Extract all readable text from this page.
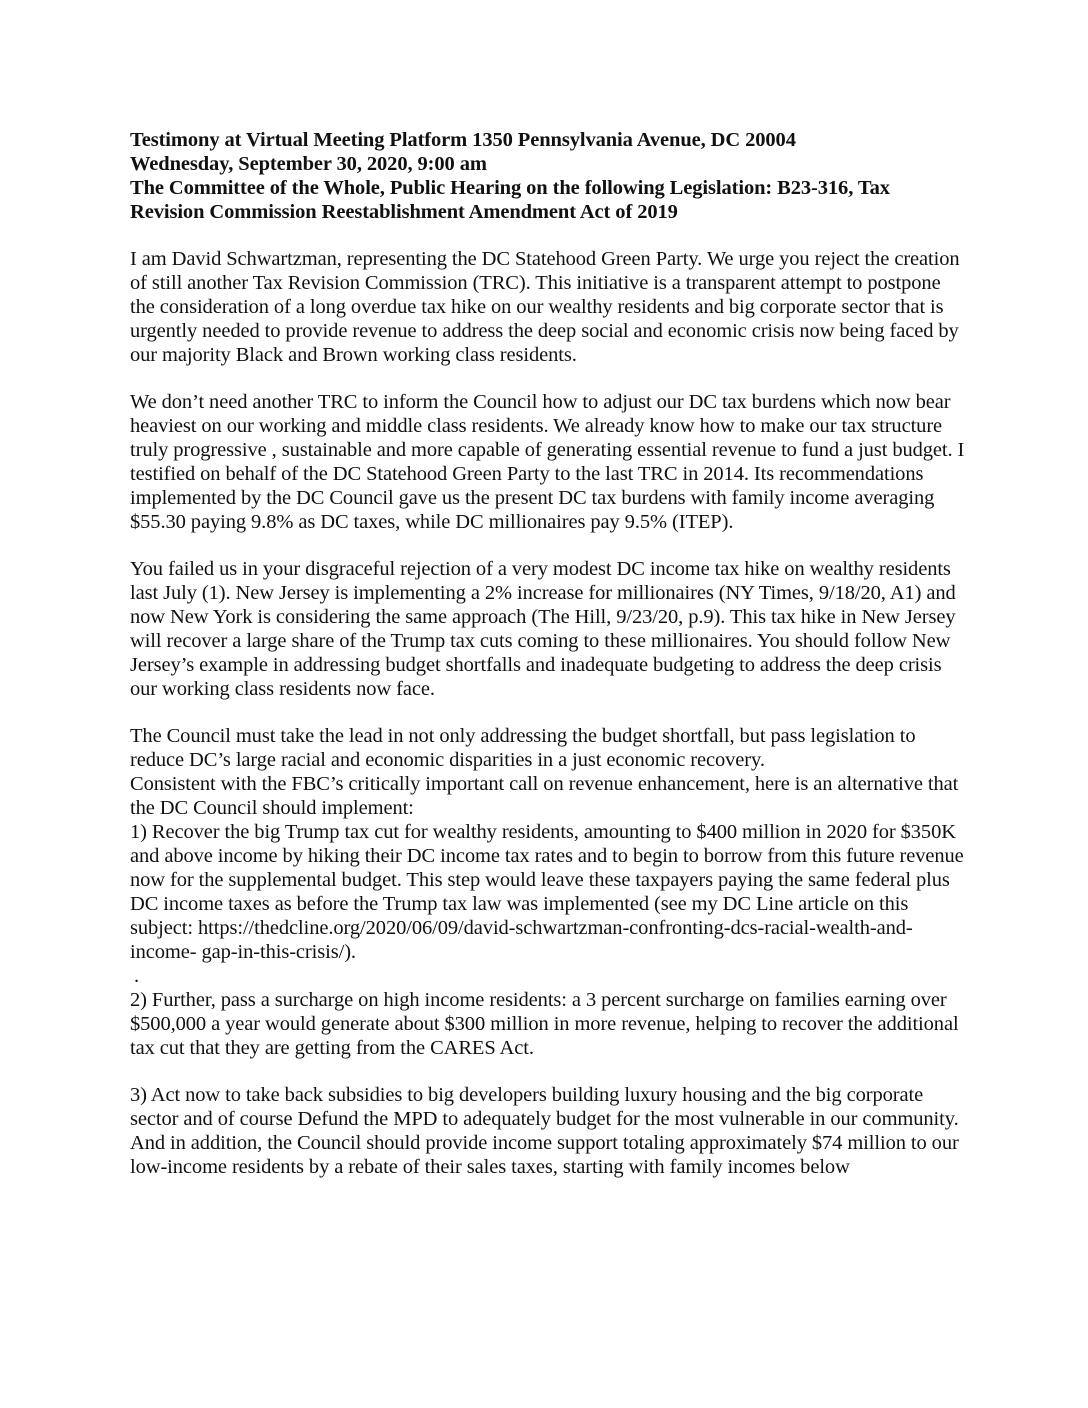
Testimony at Virtual Meeting Platform 1350 Pennsylvania Avenue, DC 20004

Wednesday, September 30, 2020, 9:00 am

The Committee of the Whole, Public Hearing on the following Legislation: B23-316, Tax Revision Commission Reestablishment Amendment Act of 2019

I am David Schwartzman, representing the DC Statehood Green Party. We urge you reject the creation of still another Tax Revision Commission (TRC). This initiative is a transparent attempt to postpone the consideration of a long overdue tax hike on our wealthy residents and big corporate sector that is urgently needed to provide revenue to address the deep social and economic crisis now being faced by our majority Black and Brown working class residents.

We don’t need another TRC to inform the Council how to adjust our DC tax burdens which now bear heaviest on our working and middle class residents. We already know how to make our tax structure truly progressive , sustainable and more capable of generating essential revenue to fund a just budget. I testified on behalf of the DC Statehood Green Party to the last TRC in 2014. Its recommendations implemented by the DC Council gave us the present DC tax burdens with family income averaging $55.30 paying 9.8% as DC taxes, while DC millionaires pay 9.5% (ITEP).

You failed us in your disgraceful rejection of a very modest DC income tax hike on wealthy residents last July (1). New Jersey is implementing a 2% increase for millionaires (NY Times, 9/18/20, A1) and now New York is considering the same approach (The Hill, 9/23/20, p.9). This tax hike in New Jersey will recover a large share of the Trump tax cuts coming to these millionaires. You should follow New Jersey’s example in addressing budget shortfalls and inadequate budgeting to address the deep crisis our working class residents now face.

The Council must take the lead in not only addressing the budget shortfall, but pass legislation to reduce DC’s large racial and economic disparities in a just economic recovery.

Consistent with the FBC’s critically important call on revenue enhancement, here is an alternative that the DC Council should implement:

1) Recover the big Trump tax cut for wealthy residents, amounting to $400 million in 2020 for $350K and above income by hiking their DC income tax rates and to begin to borrow from this future revenue now for the supplemental budget. This step would leave these taxpayers paying the same federal plus DC income taxes as before the Trump tax law was implemented (see my DC Line article on this subject: https://thedcline.org/2020/06/09/david-schwartzman-confronting-dcs-racial-wealth-and-income- gap-in-this-crisis/).

.

2) Further, pass a surcharge on high income residents: a 3 percent surcharge on families earning over $500,000 a year would generate about $300 million in more revenue, helping to recover the additional tax cut that they are getting from the CARES Act.

3) Act now to take back subsidies to big developers building luxury housing and the big corporate sector and of course Defund the MPD to adequately budget for the most vulnerable in our community.

And in addition, the Council should provide income support totaling approximately $74 million to our low-income residents by a rebate of their sales taxes, starting with family incomes below
